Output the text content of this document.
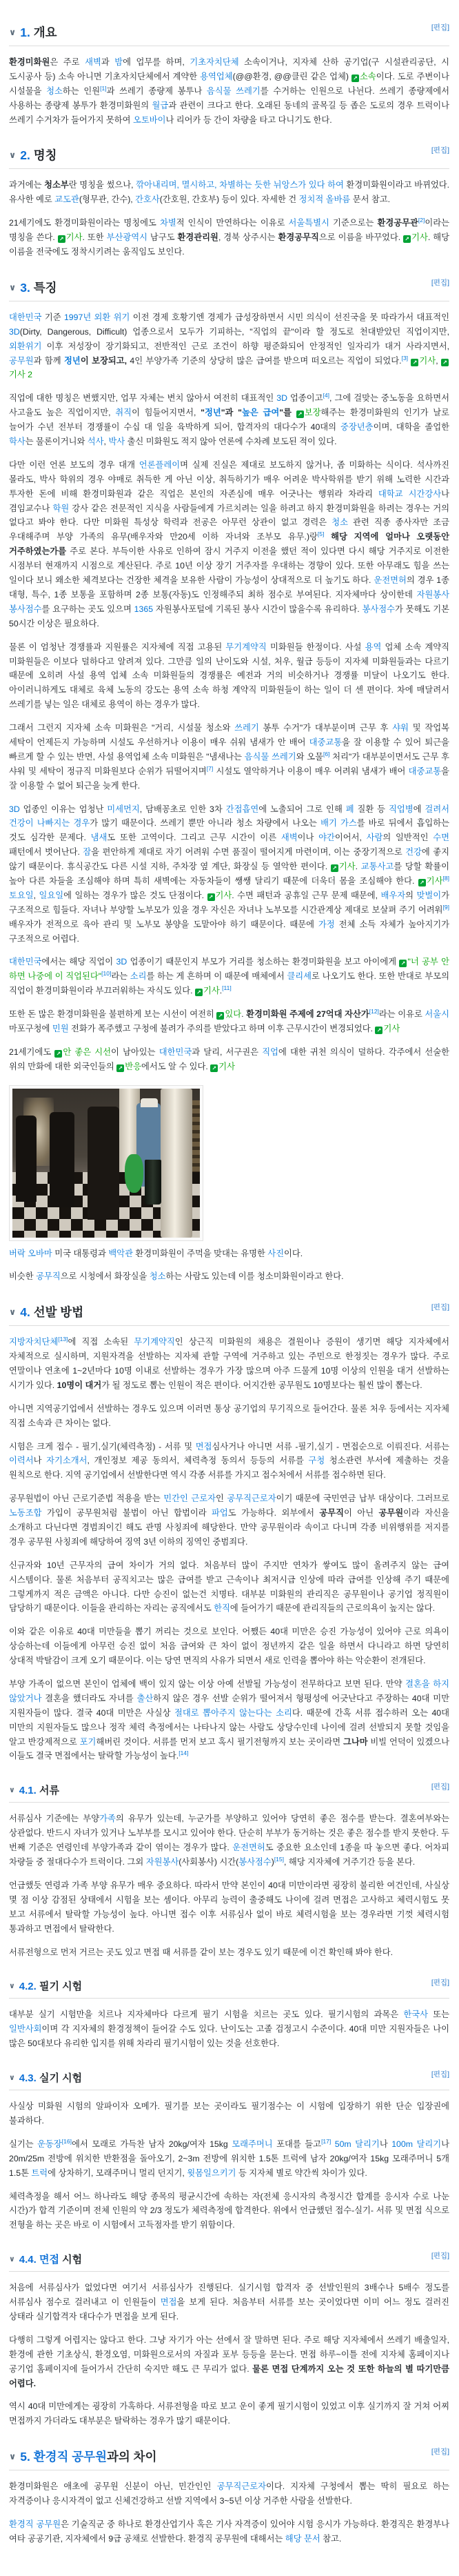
∨ 1. 개요	[편집]

환경미화원은 주로 새벽과 밤에 업무를 하며, 기초자치단체 소속이거나, 지자체 산하 공기업(구 시설관리공단, 시 도시공사 등) 소속 아니면 기초자치단체에서 계약한 용역업체(@@환경, @@클린 같은 업체) ↗ 소속이다. 도로 주변이나 시설물을 청소하는 인원[1]과 쓰레기 종량제 봉투나 음식물 쓰레기를 수거하는 인원으로 나뉜다. 쓰레기 종량제에서 사용하는 종량제 봉투가 환경미화원의 월급과 관련이 크다고 한다. 오래된 동네의 골목길 등 좁은 도로의 경우 트럭이나 쓰레기 수거차가 들어가지 못하여 오토바이나 리어카 등 간이 차량을 타고 다니기도 한다.

∨ 2. 명칭	[편집]

과거에는 청소부란 명칭을 썼으나, 깎아내리며, 멸시하고, 차별하는 듯한 뉘앙스가 있다 하여 환경미화원이라고 바뀌었다. 유사한 예로 교도관(형무관, 간수), 간호사(간호원, 간호부) 등이 있다. 자세한 건 정치적 올바름 문서 참고.

21세기에도 환경미화원이라는 명칭에도 차별적 인식이 만연하다는 이유로 서울특별시 기준으로는 환경공무관[2]이라는 명칭을 쓴다. ↗ 기사. 또한 부산광역시 남구도 환경관리원, 경북 상주시는 환경공무직으로 이름을 바꾸었다. ↗ 기사. 해당 이름을 전국에도 정착시키려는 움직임도 보인다.

∨ 3. 특징	[편집]

대한민국 기준 1997년 외환 위기 이전 경제 호황기엔 경제가 급성장하면서 시민 의식이 선진국을 못 따라가서 대표적인 3D(Dirty, Dangerous, Difficult) 업종으로서 모두가 기피하는, "직업의 끝"이라 할 정도로 천대받았던 직업이지만, 외환위기 이후 저성장이 장기화되고, 전반적인 근로 조건이 하향 평준화되어 안정적인 일자리가 대거 사라지면서, 공무원과 함께 정년이 보장되고, 4인 부양가족 기준의 상당히 많은 급여를 받으며 떠오르는 직업이 되었다.[3] ↗ 기사, ↗기사 2

직업에 대한 명칭은 변했지만, 업무 자체는 변치 않아서 여전히 대표적인 3D 업종이고[4], 그에 걸맞는 중노동을 요하면서 사고율도 높은 직업이지만, 취직이 힘들어지면서, "정년"과 "높은 급여"를 ↗ 보장해주는 환경미화원의 인기가 날로 늘어가 수년 전부터 경쟁률이 수십 대 일을 육박하게 되어, 합격자의 대다수가 40대의 중장년층이며, 대학을 졸업한 학사는 물론이거니와 석사, 박사 출신 미화원도 적지 않아 언론에 수차례 보도된 적이 있다.

다만 이런 언론 보도의 경우 대개 언론플레이며 실제 진실은 제대로 보도하지 않거나, 좀 미화하는 식이다. 석사까진 몰라도, 박사 학위의 경우 야매로 취득한 게 아닌 이상, 취득하기가 매우 어려운 박사학위를 받기 위해 노력한 시간과 투자한 돈에 비해 환경미화원과 같은 직업은 본인의 자존심에 매우 어긋나는 행위라 차라리 대학교 시간강사나 겸임교수나 학원 강사 같은 전문적인 지식을 사람들에게 가르치려는 일을 하려고 하지 환경미화원을 하려는 경우는 거의 없다고 봐야 한다. 다만 미화원 특성상 학력과 전공은 아무런 상관이 없고 경력은 청소 관련 직종 종사자만 조금 우대해주며 부양 가족의 유무(배우자와 만20세 이하 자녀와 조부모 유무.)랑[5] 해당 지역에 얼마나 오랫동안 거주하였는가를 주로 본다. 부득이한 사유로 인하여 잠시 거주지 이전을 했던 적이 있다면 다시 해당 거주지로 이전한 시점부터 현재까지 시점으로 계산된다. 주로 10년 이상 장기 거주자를 우대하는 경향이 있다. 또한 아무래도 힘을 쓰는 일이다 보니 왜소한 체격보다는 건장한 체격을 보유한 사람이 가능성이 상대적으로 더 높기도 하다. 운전면허의 경우 1종 대형, 특수, 1종 보통을 포함하며 2종 보통(자동)도 인정해주되 최하 점수로 부여된다. 지자체마다 상이한데 자원봉사 봉사점수를 요구하는 곳도 있으며 1365 자원봉사포털에 기록된 봉사 시간이 많을수록 유리하다. 봉사점수가 못해도 기본 50시간 이상은 필요하다.

물론 이 엄청난 경쟁률과 지원률은 지자체에 직접 고용된 무기계약직 미화원들 한정이다. 사설 용역 업체 소속 계약직 미화원들은 이보다 덜하다고 알려져 있다. 그만큼 일의 난이도와 시설, 처우, 월급 등등이 지자체 미화원들과는 다르기 때문에 오히려 사설 용역 업체 소속 미화원들의 경쟁률은 예전과 거의 비슷하거나 경쟁률 미달이 나오기도 한다. 아이러니하게도 대체로 육체 노동의 강도는 용역 소속 하청 계약직 미화원들이 하는 일이 더 센 편이다. 차에 매달려서 쓰레기를 넣는 일은 대체로 용역이 하는 경우가 많다.

그래서 그런지 지자체 소속 미화원은 "거리, 시설물 청소와 쓰레기 봉투 수거"가 대부분이며 근무 후 샤워 및 작업복 세탁이 언제든지 가능하며 시설도 우선하거나 이용이 매우 쉬워 냄새가 안 배어 대중교통을 잘 이용할 수 있어 퇴근을 빠르게 할 수 있는 반면, 사설 용역업체 소속 미화원은 "냄새나는 음식물 쓰레기와 오물[6] 처리"가 대부분이면서도 근무 후 샤워 및 세탁이 정규직 미화원보다 순위가 뒤떨어지며[7] 시설도 열악하거나 이용이 매우 어려워 냄새가 배어 대중교통을 잘 이용할 수 없어 퇴근을 늦게 한다.

3D 업종인 이유는 엄청난 미세먼지, 담배꽁초로 인한 3차 간접흡연에 노출되어 그로 인해 폐 질환 등 직업병에 걸려서 건강이 나빠지는 경우가 많기 때문이다. 쓰레기 뿐만 아니라 청소 차량에서 나오는 배기 가스를 바로 뒤에서 흡입하는 것도 심각한 문제다. 냄새도 또한 고역이다. 그리고 근무 시간이 이른 새벽이나 야간이어서, 사람의 일반적인 수면 패턴에서 벗어난다. 잠을 편안하게 제대로 자기 어려워 수면 품질이 떨어지게 마련이며, 이는 중장기적으로 건강에 좋지 않기 때문이다. 휴식공간도 다른 시설 지하, 주차장 옆 계단, 화장실 등 열악한 편이다. ↗ 기사. 교통사고를 당할 확률이 높아 다른 차들을 조심해야 하며 특히 새벽에는 자동차들이 쌩쌩 달리기 때문에 더욱더 몸을 조심해야 한다. ↗ 기사[8] 토요일, 일요일에 일하는 경우가 많은 것도 단점이다. ↗ 기사. 수면 패턴과 공휴일 근무 문제 때문에, 배우자의 맞벌이가 구조적으로 힘들다. 자녀나 부양할 노부모가 있을 경우 자신은 자녀나 노부모를 시간관계상 제대로 보살펴 주기 어려워[9] 배우자가 전적으로 육아 관리 및 노부모 봉양을 도맡아야 하기 때문이다. 때문에 가정 전체 소득 자체가 높아지기가 구조적으로 어렵다.

대한민국에서는 해당 직업이 3D 업종이기 때문인지 부모가 거리를 청소하는 환경미화원을 보고 아이에게 ↗ "너 공부 안 하면 나중에 이 직업된다"[10]라는 소리를 하는 게 흔하며 이 때문에 매체에서 클리셰로 나오기도 한다. 또한 반대로 부모의 직업이 환경미화원이라 부끄러워하는 자식도 있다. ↗ 기사.[11]

또한 돈 많은 환경미화원을 불편하게 보는 시선이 여전히 ↗ 있다. 환경미화원 주제에 27억대 자산가[12]라는 이유로 서울시 마포구청에 민원 전화가 폭주했고 구청에 불려가 주의를 받았다고 하며 이후 근무시간이 변경되었다. ↗ 기사

21세기에도 ↗ 안 좋은 시선이 남아있는 대한민국과 달리, 서구권은 직업에 대한 귀천 의식이 덜하다. 각주에서 선술한 위의 만화에 대한 외국인들의 ↗ 반응에서도 알 수 있다. ↗ 기사

버락 오바마 미국 대통령과 백악관 환경미화원이 주먹을 맞대는 유명한 사진이다.

비슷한 공무직으로 시청에서 화장실을 청소하는 사람도 있는데 이를 청소미화원이라고 한다.

∨ 4. 선발 방법	[편집]

지방자치단체[13]에 직접 소속된 무기계약직인 상근직 미화원의 채용은 결원이나 증원이 생기면 해당 지자체에서 자체적으로 실시하며, 지원자격을 선발하는 지자체 관할 구역에 거주하고 있는 주민으로 한정짓는 경우가 많다. 주로 연말이나 연초에 1~2년마다 10명 이내로 선발하는 경우가 가장 많으며 아주 드물게 10명 이상의 인원을 대거 선발하는 시기가 있다. 10명이 대거가 될 정도로 뽑는 인원이 적은 편이다. 어지간한 공무원도 10명보다는 훨씬 많이 뽑는다.

아니면 지역공기업에서 선발하는 경우도 있으며 이러면 통상 공기업의 무기직으로 들어간다. 물론 처우 등에서는 지자체 직접 소속과 큰 차이는 없다.

시험은 크게 접수 - 필기,실기(체력측정) - 서류 및 면접심사거나 아니면 서류 -필기,실기 - 면접순으로 이뤄진다. 서류는 이력서나 자기소개서, 개인정보 제공 동의서, 체력측정 동의서 등등의 서류를 구청 청소관련 부서에 제출하는 것을 원칙으로 한다. 지역 공기업에서 선발한다면 역시 각종 서류를 가지고 접수처에서 서류를 접수하면 된다.

공무원법이 아닌 근로기준법 적용을 받는 민간인 근로자인 공무직근로자이기 때문에 국민연금 납부 대상이다. 그러므로 노동조합 가입이 공무원처럼 불법이 아닌 합법이라 파업도 가능하다. 외부에서 공무직이 아닌 공무원이라 자신을 소개하고 다닌다면 경범죄이긴 해도 관명 사칭죄에 해당한다. 만약 공무원이라 속이고 다니며 각종 비위행위를 저지를 경우 공무원 사칭죄에 해당하여 징역 3년 이하의 징역인 중범죄다.

신규자와 10년 근무자의 급여 차이가 거의 없다. 처음부터 많이 주지만 연차가 쌓여도 많이 올려주지 않는 급여 시스템이다. 물론 처음부터 공직치고는 많은 급여를 받고 근속이나 최저시급 인상에 따라 급여를 인상해 주기 때문에 그렇게까지 적은 금액은 아니다. 다만 승진이 없는건 치명타. 대부분 미화원의 관리직은 공무원이나 공기업 정직원이 담당하기 때문이다. 이들을 관리하는 자리는 공직에서도 한직에 들어가기 때문에 관리직들의 근로의욕이 높지는 않다.

이와 같은 이유로 40대 미만들을 뽑기 꺼리는 것으로 보인다. 어쨌든 40대 미만은 승진 가능성이 있어야 근로 의욕이 상승하는데 이들에게 아무런 승진 없이 처음 급여와 큰 차이 없이 정년까지 같은 일을 하면서 다니라고 하면 당연히 상대적 박탈감이 크게 오기 때문이다. 이는 당연 면직의 사유가 되면서 새로 인력을 뽑아야 하는 악순환이 전개된다.

부양 가족이 없으면 본인이 업체에 백이 있지 않는 이상 아예 선발될 가능성이 전무하다고 보면 된다. 만약 결혼을 하지 않았거나 결혼을 했더라도 자녀를 출산하지 않은 경우 선발 순위가 떨어져서 형평성에 어긋난다고 주장하는 40대 미만 지원자들이 많다. 결국 40대 미만은 사실상 절대로 뽑아주지 않는다는 소리다. 때문에 간혹 서류 접수하러 오는 40대 미만의 지원자들도 많으나 정작 체력 측정에서는 나타나지 않는 사람도 상당수인데 나이에 걸려 선발되지 못할 것임을 알고 반강제적으로 포기해버린 것이다. 서류를 먼저 보고 혹시 필기전형까지 보는 곳이라면 그나마 비빌 언덕이 있겠으나 이들도 결국 면접에서는 탈락할 가능성이 높다.[14]

∨ 4.1. 서류	[편집]

서류심사 기준에는 부양가족의 유무가 있는데, 누군가를 부양하고 있어야 당연히 좋은 점수를 받는다. 결혼여부와는 상관없다. 반드시 자녀가 있거나 노부부를 모시고 있어야 한다. 단순히 부부가 동거하는 것은 좋은 점수를 받지 못한다. 두 번째 기준은 연령인데 부양가족과 같이 엮이는 경우가 많다. 운전면허도 중요한 요소인데 1종을 따 놓으면 좋다. 어차피 차량들 중 절대다수가 트럭이다. 그외 자원봉사(사회봉사) 시간(봉사점수)[15], 해당 지자체에 거주기간 등을 본다.

언급했듯 연령과 가족 부양 유무가 매우 중요하다. 따라서 만약 본인이 40대 미만이라면 굉장히 불리한 여건인데, 사실상 몇 점 이상 감점된 상태에서 시험을 보는 셈이다. 아무리 능력이 출중해도 나이에 걸려 면접은 고사하고 체력시험도 못 보고 서류에서 탈락할 가능성이 높다. 아니면 접수 이후 서류심사 없이 바로 체력시험을 보는 경우라면 기껏 체력시험 통과하고 면접에서 탈락한다.

서류전형으로 먼저 거르는 곳도 있고 면접 때 서류를 같이 보는 경우도 있기 때문에 이건 확인해 봐야 한다.

∨ 4.2. 필기 시험	[편집]

대부분 실기 시험만을 치르나 지자체마다 다르게 필기 시험을 치르는 곳도 있다. 필기시험의 과목은 한국사 또는 일반사회이며 각 지자체의 환경정책이 들어갈 수도 있다. 난이도는 고졸 검정고시 수준이다. 40대 미만 지원자들은 나이 많은 50대보다 유리한 입지를 위해 차라리 필기시험이 있는 것을 선호한다.

∨ 4.3. 실기 시험	[편집]

사실상 미화원 시험의 알파이자 오메가. 필기를 보는 곳이라도 필기점수는 이 시험에 입장하기 위한 단순 입장권에 불과하다.

실기는 운동장[16]에서 모래로 가득찬 남자 20kg/여자 15kg 모래주머니 포대를 들고[17] 50m 달리기나 100m 달리기나 20m/25m 전방에 위치한 반환점을 돌아오기, 2~3m 전방에 위치한 1.5톤 트럭에 남자 20kg/여자 15kg 모래주머니 5개 1.5톤 트럭에 상차하기, 모래주머니 멀리 던지기, 윗몸일으키기 등 지자체 별로 약간씩 차이가 있다.

체력측정을 해서 어느 하나라도 해당 종목의 평균시간에 속하는 자(전체 응시자의 측정시간 합계를 응시자 수로 나눈 시간)가 합격 기준이며 전체 인원의 약 2/3 정도가 체력측정에 합격한다. 위에서 언급했던 접수-실기- 서류 및 면접 식으로 전형을 하는 곳은 바로 이 시험에서 고득점자를 받기 위함이다.

∨ 4.4. 면접 시험	[편집]

처음에 서류심사가 없었다면 여기서 서류심사가 진행된다. 실기시험 합격자 중 선발인원의 3배수나 5배수 정도를 서류심사 점수로 걸러내고 이 인원들이 면접을 보게 된다. 처음부터 서류를 보는 곳이었다면 이미 어느 정도 걸러진 상태라 실기합격자 대다수가 면접을 보게 된다.

다행히 그렇게 어렵지는 않다고 한다. 그냥 자기가 아는 선에서 잘 말하면 된다. 주로 해당 지자체에서 쓰레기 배출일자, 환경에 관한 기초상식, 환경오염, 미화원으로서의 자질과 포부 등등을 묻는다. 면접 하루~이틀 전에 지자체 홈페이지나 공기업 홈페이지에 들어가서 간단히 숙지만 해도 큰 무리가 없다. 물론 면접 단계까지 오는 것 또한 하늘의 별 따기만큼 어렵다.

역시 40대 미만에게는 굉장히 가혹하다. 서류전형을 따로 보고 운이 좋게 필기시험이 있었고 이후 실기까지 잘 거쳐 어찌 면접까지 가더라도 대부분은 탈락하는 경우가 많기 때문이다.

∨ 5. 환경직 공무원과의 차이	[편집]

환경미화원은 애초에 공무원 신분이 아닌, 민간인인 공무직근로자이다. 지자체 구청에서 뽑는 딱히 필요로 하는 자격증이나 응시자격이 없고 신체건강하고 선발 지역에서 3~5년 이상 거주한 사람을 선발한다.

환경직 공무원은 기술직군 중 하나로 환경산업기사 혹은 기사 자격증이 있어야 시험 응시가 가능하다. 환경직은 환경부나 여타 공공기관, 지자체에서 9급 공채로 선발한다. 환경직 공무원에 대해서는 해당 문서 참고.
